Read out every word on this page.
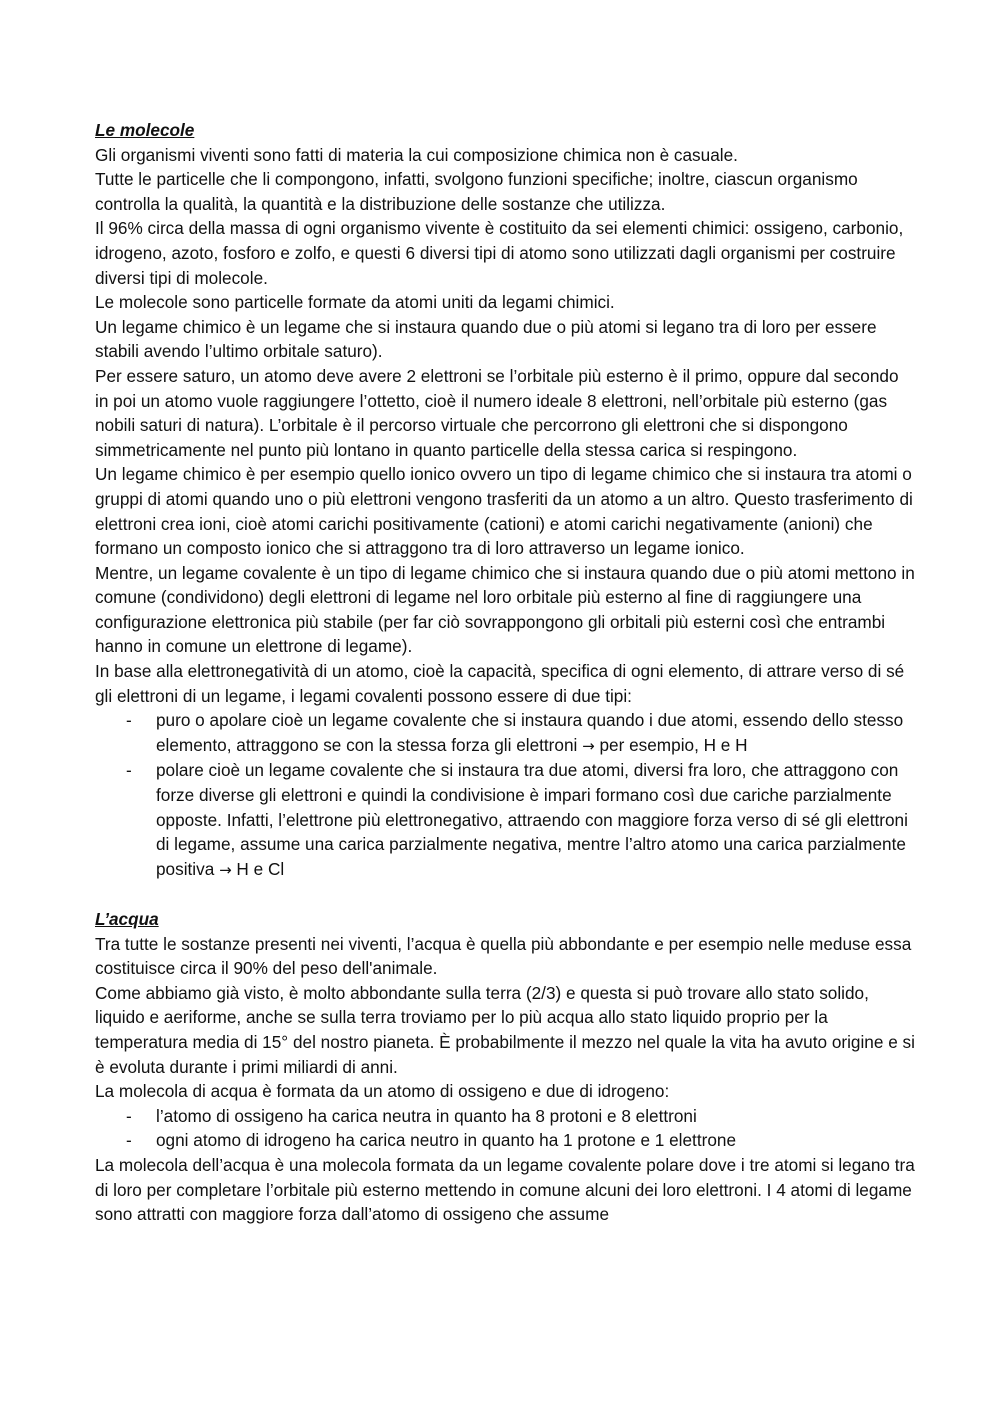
Le molecole

Gli organismi viventi sono fatti di materia la cui composizione chimica non è casuale.

Tutte le particelle che li compongono, infatti, svolgono funzioni specifiche; inoltre, ciascun organismo controlla la qualità, la quantità e la distribuzione delle sostanze che utilizza.

Il 96% circa della massa di ogni organismo vivente è costituito da sei elementi chimici: ossigeno, carbonio, idrogeno, azoto, fosforo e zolfo, e questi 6 diversi tipi di atomo sono utilizzati dagli organismi per costruire diversi tipi di molecole.

Le molecole sono particelle formate da atomi uniti da legami chimici.

Un legame chimico è un legame che si instaura quando due o più atomi si legano tra di loro per essere stabili avendo l’ultimo orbitale saturo).

Per essere saturo, un atomo deve avere 2 elettroni se l’orbitale più esterno è il primo, oppure dal secondo in poi un atomo vuole raggiungere l’ottetto, cioè il numero ideale 8 elettroni, nell’orbitale più esterno (gas nobili saturi di natura). L’orbitale è il percorso virtuale che percorrono gli elettroni che si dispongono simmetricamente nel punto più lontano in quanto particelle della stessa carica si respingono.

Un legame chimico è per esempio quello ionico ovvero un tipo di legame chimico che si instaura tra atomi o gruppi di atomi quando uno o più elettroni vengono trasferiti da un atomo a un altro. Questo trasferimento di elettroni crea ioni, cioè atomi carichi positivamente (cationi) e atomi carichi negativamente (anioni) che formano un composto ionico che si attraggono tra di loro attraverso un legame ionico.

Mentre, un legame covalente è un tipo di legame chimico che si instaura quando due o più atomi mettono in comune (condividono) degli elettroni di legame nel loro orbitale più esterno al fine di raggiungere una configurazione elettronica più stabile (per far ciò sovrappongono gli orbitali più esterni così che entrambi hanno in comune un elettrone di legame).

In base alla elettronegatività di un atomo, cioè la capacità, specifica di ogni elemento, di attrare verso di sé gli elettroni di un legame, i legami covalenti possono essere di due tipi:

- puro o apolare cioè un legame covalente che si instaura quando i due atomi, essendo dello stesso elemento, attraggono se con la stessa forza gli elettroni → per esempio, H e H
- polare cioè un legame covalente che si instaura tra due atomi, diversi fra loro, che attraggono con forze diverse gli elettroni e quindi la condivisione è impari formano così due cariche parzialmente opposte. Infatti, l’elettrone più elettronegativo, attraendo con maggiore forza verso di sé gli elettroni di legame, assume una carica parzialmente negativa, mentre l’altro atomo una carica parzialmente positiva → H e Cl

L’acqua

Tra tutte le sostanze presenti nei viventi, l’acqua è quella più abbondante e per esempio nelle meduse essa costituisce circa il 90% del peso dell'animale.

Come abbiamo già visto, è molto abbondante sulla terra (2/3) e questa si può trovare allo stato solido, liquido e aeriforme, anche se sulla terra troviamo per lo più acqua allo stato liquido proprio per la temperatura media di 15° del nostro pianeta. È probabilmente il mezzo nel quale la vita ha avuto origine e si è evoluta durante i primi miliardi di anni.

La molecola di acqua è formata da un atomo di ossigeno e due di idrogeno:

- l’atomo di ossigeno ha carica neutra in quanto ha 8 protoni e 8 elettroni
- ogni atomo di idrogeno ha carica neutro in quanto ha 1 protone e 1 elettrone

La molecola dell’acqua è una molecola formata da un legame covalente polare dove i tre atomi si legano tra di loro per completare l’orbitale più esterno mettendo in comune alcuni dei loro elettroni. I 4 atomi di legame sono attratti con maggiore forza dall’atomo di ossigeno che assume
